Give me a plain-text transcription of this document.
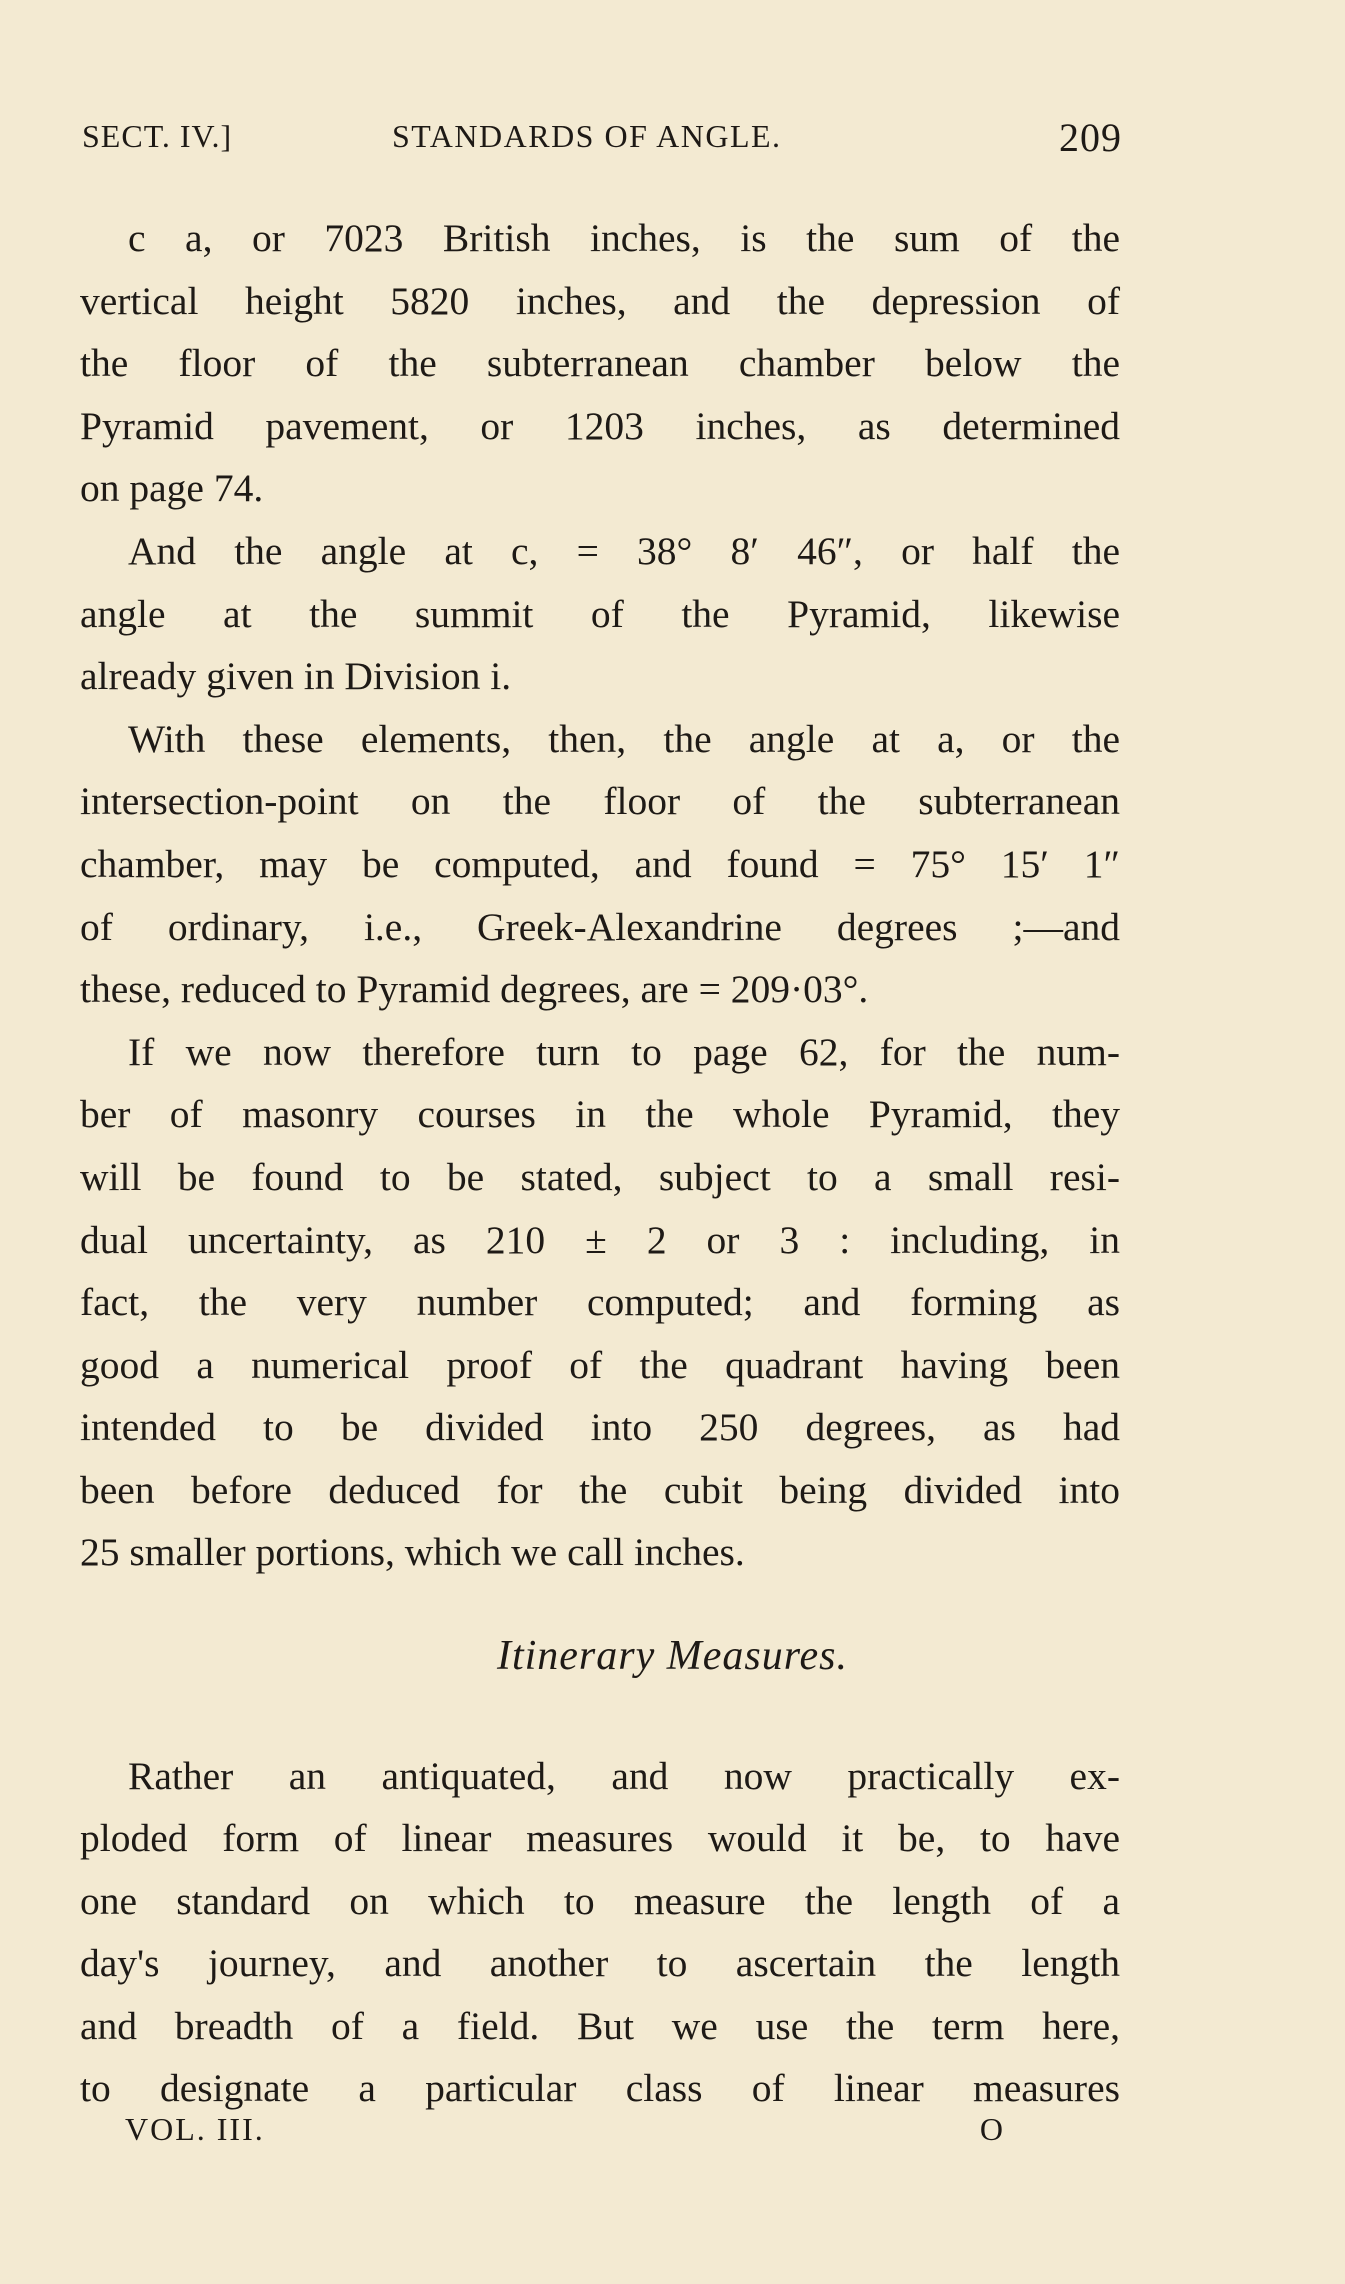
SECT. IV.]	STANDARDS OF ANGLE.	209

c a, or 7023 British inches, is the sum of the
vertical height 5820 inches, and the depression of
the floor of the subterranean chamber below the
Pyramid pavement, or 1203 inches, as determined
on page 74.

And the angle at c, = 38° 8′ 46″, or half the
angle at the summit of the Pyramid, likewise
already given in Division i.

With these elements, then, the angle at a, or the
intersection-point on the floor of the subterranean
chamber, may be computed, and found = 75° 15′ 1″
of ordinary, i.e., Greek-Alexandrine degrees ;—and
these, reduced to Pyramid degrees, are = 209·03°.

If we now therefore turn to page 62, for the num-
ber of masonry courses in the whole Pyramid, they
will be found to be stated, subject to a small resi-
dual uncertainty, as 210 ± 2 or 3 : including, in
fact, the very number computed; and forming as
good a numerical proof of the quadrant having been
intended to be divided into 250 degrees, as had
been before deduced for the cubit being divided into
25 smaller portions, which we call inches.

Itinerary Measures.

Rather an antiquated, and now practically ex-
ploded form of linear measures would it be, to have
one standard on which to measure the length of a
day's journey, and another to ascertain the length
and breadth of a field. But we use the term here,
to designate a particular class of linear measures

VOL. III.	O
